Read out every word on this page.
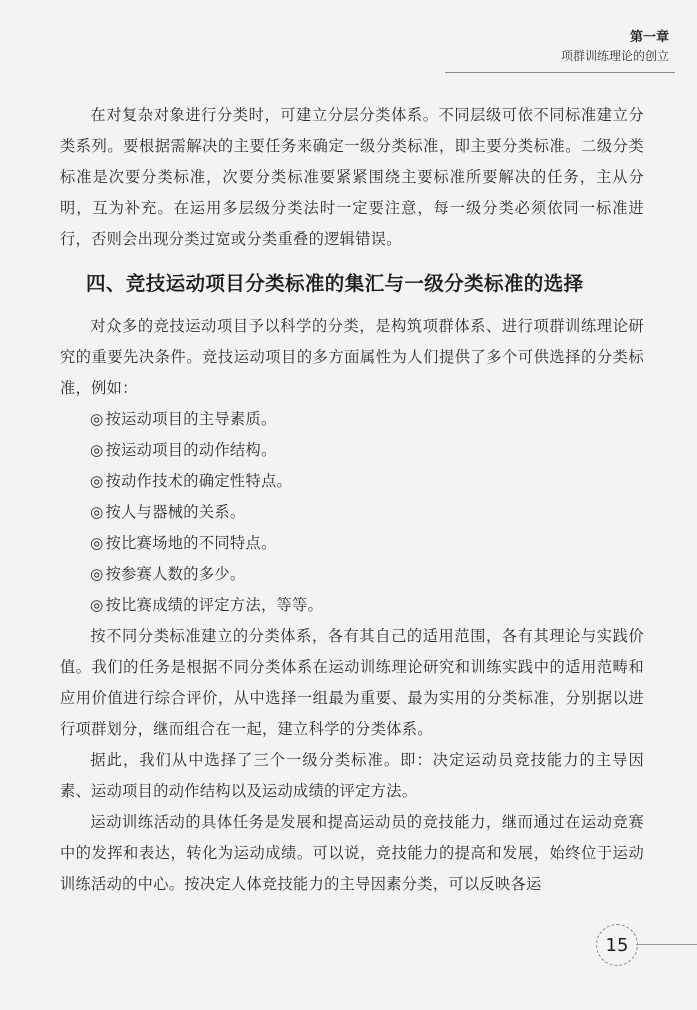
第一章
项群训练理论的创立

在对复杂对象进行分类时，可建立分层分类体系。不同层级可依不同标准建立分类系列。要根据需解决的主要任务来确定一级分类标准，即主要分类标准。二级分类标准是次要分类标准，次要分类标准要紧紧围绕主要标准所要解决的任务，主从分明，互为补充。在运用多层级分类法时一定要注意，每一级分类必须依同一标准进行，否则会出现分类过宽或分类重叠的逻辑错误。

四、竞技运动项目分类标准的集汇与一级分类标准的选择

对众多的竞技运动项目予以科学的分类，是构筑项群体系、进行项群训练理论研究的重要先决条件。竞技运动项目的多方面属性为人们提供了多个可供选择的分类标准，例如：

◎ 按运动项目的主导素质。
◎ 按运动项目的动作结构。
◎ 按动作技术的确定性特点。
◎ 按人与器械的关系。
◎ 按比赛场地的不同特点。
◎ 按参赛人数的多少。
◎ 按比赛成绩的评定方法，等等。

按不同分类标准建立的分类体系，各有其自己的适用范围，各有其理论与实践价值。我们的任务是根据不同分类体系在运动训练理论研究和训练实践中的适用范畴和应用价值进行综合评价，从中选择一组最为重要、最为实用的分类标准，分别据以进行项群划分，继而组合在一起，建立科学的分类体系。

据此，我们从中选择了三个一级分类标准。即：决定运动员竞技能力的主导因素、运动项目的动作结构以及运动成绩的评定方法。

运动训练活动的具体任务是发展和提高运动员的竞技能力，继而通过在运动竞赛中的发挥和表达，转化为运动成绩。可以说，竞技能力的提高和发展，始终位于运动训练活动的中心。按决定人体竞技能力的主导因素分类，可以反映各运

15
